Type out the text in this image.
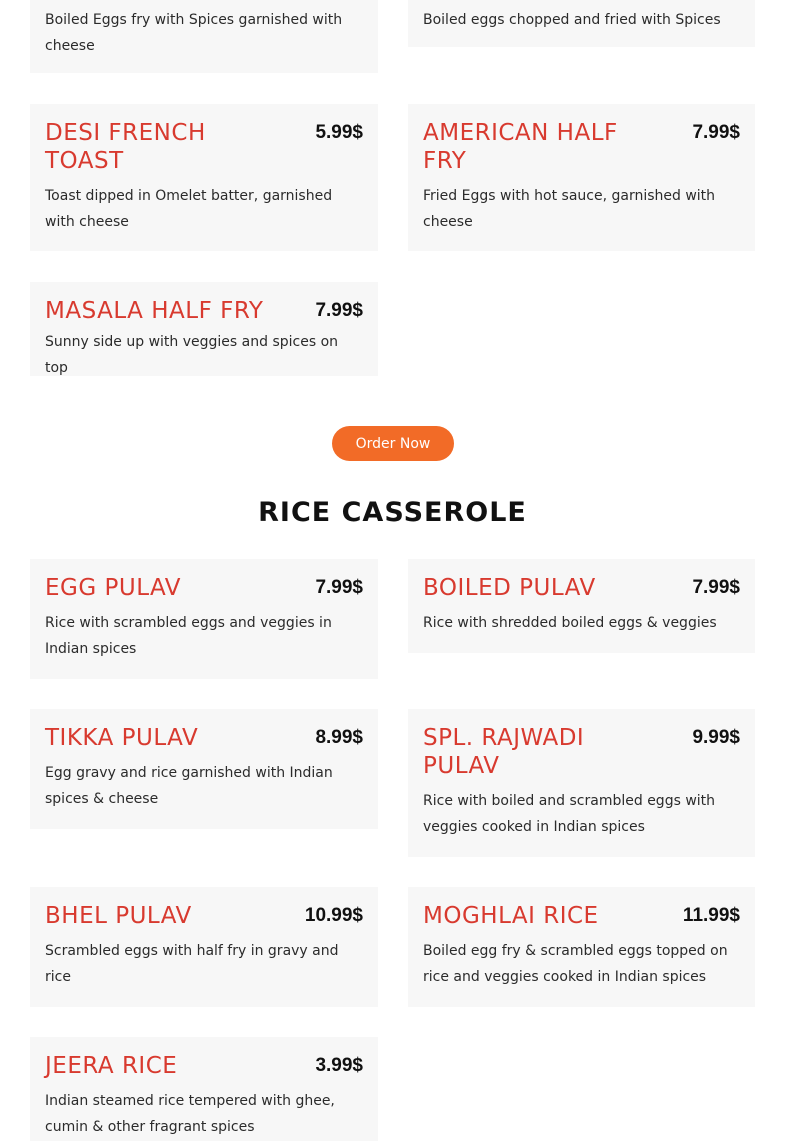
Boiled Eggs fry with Spices garnished with cheese

Boiled eggs chopped and fried with Spices

DESI FRENCH TOAST
5.99$

Toast dipped in Omelet batter, garnished with cheese

AMERICAN HALF FRY
7.99$

Fried Eggs with hot sauce, garnished with cheese

MASALA HALF FRY	7.99$

Sunny side up with veggies and spices on top

Order Now
RICE CASSEROLE
EGG PULAV	7.99$

Rice with scrambled eggs and veggies in Indian spices

BOILED PULAV	7.99$

Rice with shredded boiled eggs & veggies

TIKKA PULAV	8.99$

Egg gravy and rice garnished with Indian spices & cheese

SPL. RAJWADI PULAV
9.99$

Rice with boiled and scrambled eggs with veggies cooked in Indian spices

BHEL PULAV	10.99$

Scrambled eggs with half fry in gravy and rice

MOGHLAI RICE	11.99$

Boiled egg fry & scrambled eggs topped on rice and veggies cooked in Indian spices

JEERA RICE	3.99$

Indian steamed rice tempered with ghee, cumin & other fragrant spices
